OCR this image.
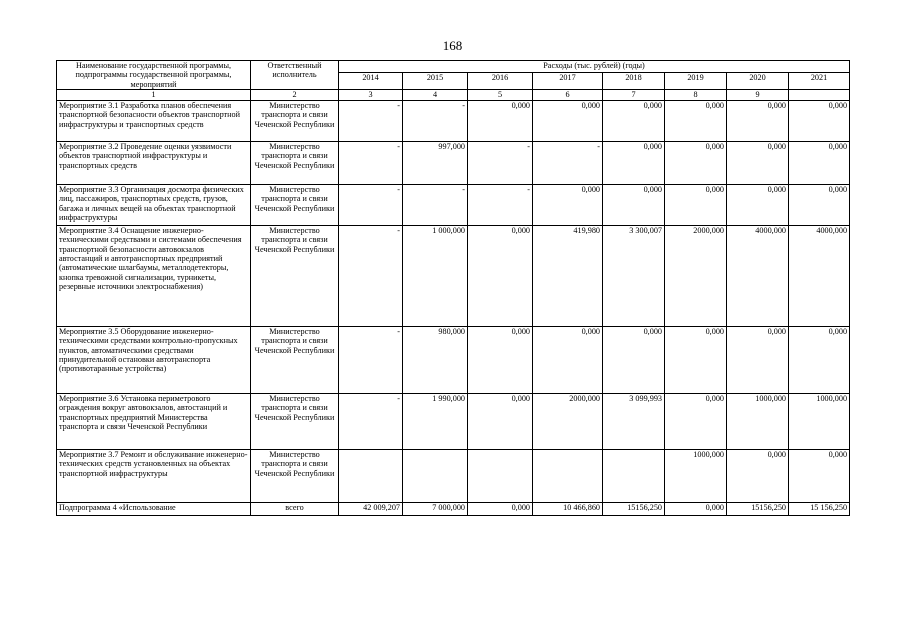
168
Наименование государственной программы, подпрограммы государственной программы, мероприятий	Ответственный исполнитель	Расходы (тыс. рублей) (годы)							
		2014	2015	2016	2017	2018	2019	2020	2021
1	2	3	4	5	6	7	8	9	
Мероприятие 3.1 Разработка планов обеспечения транспортной безопасности объектов транспортной инфраструктуры и транспортных средств	Министерство транспорта и связи Чеченской Республики	-	-	0,000	0,000	0,000	0,000	0,000	0,000
Мероприятие 3.2 Проведение оценки уязвимости объектов транспортной инфраструктуры и транспортных средств	Министерство транспорта и связи Чеченской Республики	-	997,000	-	-	0,000	0,000	0,000	0,000
Мероприятие 3.3 Организация досмотра физических лиц, пассажиров, транспортных средств, грузов, багажа и личных вещей на объектах транспортной инфраструктуры	Министерство транспорта и связи Чеченской Республики	-	-	-	0,000	0,000	0,000	0,000	0,000
Мероприятие 3.4 Оснащение инженерно-техническими средствами и системами обеспечения транспортной безопасности автовокзалов автостанций и автотранспортных предприятий (автоматические шлагбаумы, металлодетекторы, кнопка тревожной сигнализации, турникеты, резервные источники электроснабжения)	Министерство транспорта и связи Чеченской Республики	-	1 000,000	0,000	419,980	3 300,007	2000,000	4000,000	4000,000
Мероприятие 3.5 Оборудование инженерно-техническими средствами контрольно-пропускных пунктов, автоматическими средствами принудительной остановки автотранспорта (противотаранные устройства)	Министерство транспорта и связи Чеченской Республики	-	980,000	0,000	0,000	0,000	0,000	0,000	0,000
Мероприятие 3.6 Установка периметрового ограждения вокруг автовокзалов, автостанций и транспортных предприятий Министерства транспорта и связи Чеченской Республики	Министерство транспорта и связи Чеченской Республики	-	1 990,000	0,000	2000,000	3 099,993	0,000	1000,000	1000,000
Мероприятие 3.7 Ремонт и обслуживание инженерно-технических средств установленных на объектах транспортной инфраструктуры	Министерство транспорта и связи Чеченской Республики						1000,000	0,000	0,000
Подпрограмма 4 «Использование	всего	42 009,207	7 000,000	0,000	10 466,860	15156,250	0,000	15156,250	15 156,250
